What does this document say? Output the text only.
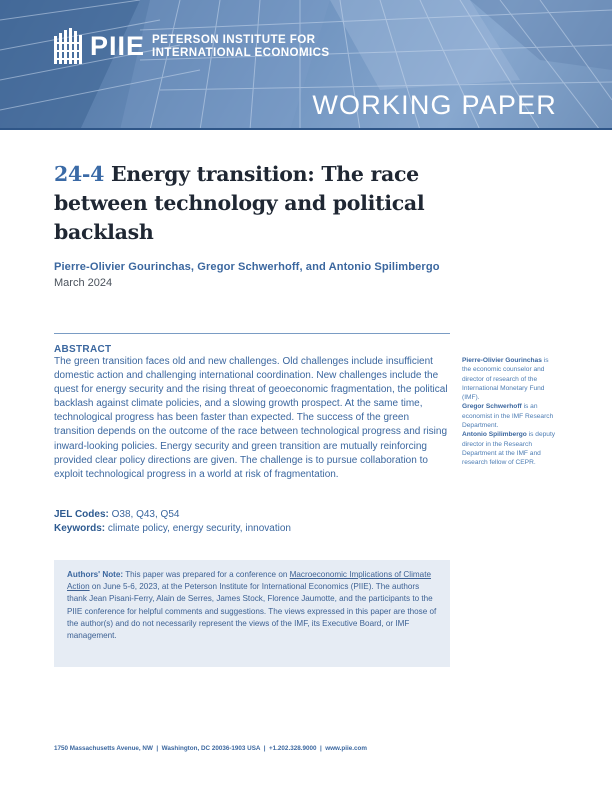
PIIE PETERSON INSTITUTE FOR
INTERNATIONAL ECONOMICS
WORKING PAPER
24-4 Energy transition: The race between technology and political backlash
Pierre-Olivier Gourinchas, Gregor Schwerhoff, and Antonio Spilimbergo
March 2024
ABSTRACT
The green transition faces old and new challenges. Old challenges include insufficient domestic action and challenging international coordination. New challenges include the quest for energy security and the rising threat of geoeconomic fragmentation, the political backlash against climate policies, and a slowing growth prospect. At the same time, technological progress has been faster than expected. The success of the green transition depends on the outcome of the race between technological progress and rising inward-looking policies. Energy security and green transition are mutually reinforcing provided clear policy directions are given. The challenge is to pursue collaboration to exploit technological progress in a world at risk of fragmentation.
JEL Codes: O38, Q43, Q54
Keywords: climate policy, energy security, innovation
Pierre-Olivier Gourinchas is the economic counselor and director of research of the International Monetary Fund (IMF).
Gregor Schwerhoff is an economist in the IMF Research Department.
Antonio Spilimbergo is deputy director in the Research Department at the IMF and research fellow of CEPR.
Authors' Note: This paper was prepared for a conference on Macroeconomic Implications of Climate Action on June 5-6, 2023, at the Peterson Institute for International Economics (PIIE). The authors thank Jean Pisani-Ferry, Alain de Serres, James Stock, Florence Jaumotte, and the participants to the PIIE conference for helpful comments and suggestions. The views expressed in this paper are those of the author(s) and do not necessarily represent the views of the IMF, its Executive Board, or IMF management.
1750 Massachusetts Avenue, NW  |  Washington, DC 20036-1903 USA  |  +1.202.328.9000  |  www.piie.com
